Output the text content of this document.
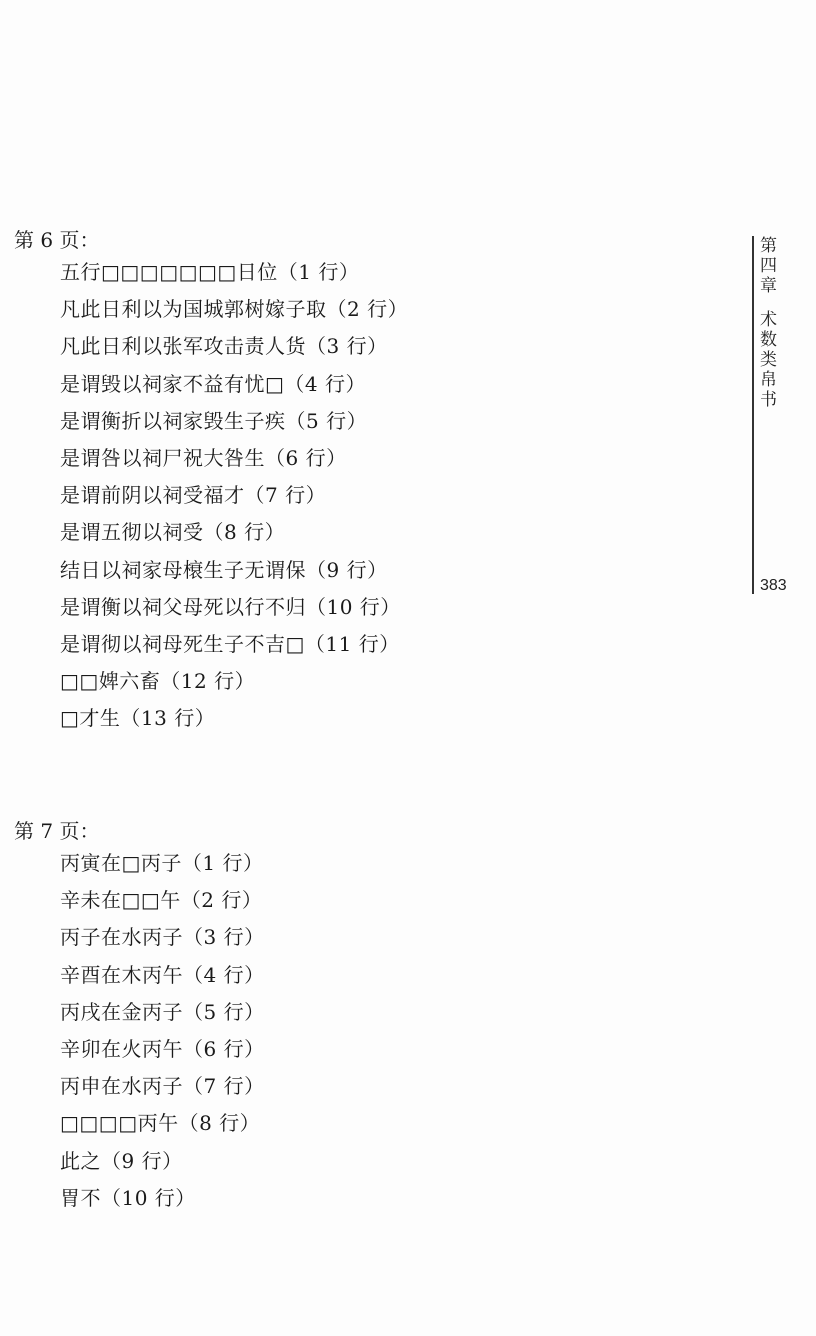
第
四
章
术
数
类
帛
书
383
第 6 页：
五行□□□□□□□日位（1 行）
凡此日利以为国城郭树嫁子取（2 行）
凡此日利以张军攻击责人货（3 行）
是谓毁以祠家不益有忧□（4 行）
是谓衡折以祠家毁生子疾（5 行）
是谓咎以祠尸祝大咎生（6 行）
是谓前阴以祠受福才（7 行）
是谓五彻以祠受（8 行）
结日以祠家母榱生子无谓保（9 行）
是谓衡以祠父母死以行不归（10 行）
是谓彻以祠母死生子不吉□（11 行）
□□婢六畜（12 行）
□才生（13 行）
第 7 页：
丙寅在□丙子（1 行）
辛未在□□午（2 行）
丙子在水丙子（3 行）
辛酉在木丙午（4 行）
丙戌在金丙子（5 行）
辛卯在火丙午（6 行）
丙申在水丙子（7 行）
□□□□丙午（8 行）
此之（9 行）
胃不（10 行）
